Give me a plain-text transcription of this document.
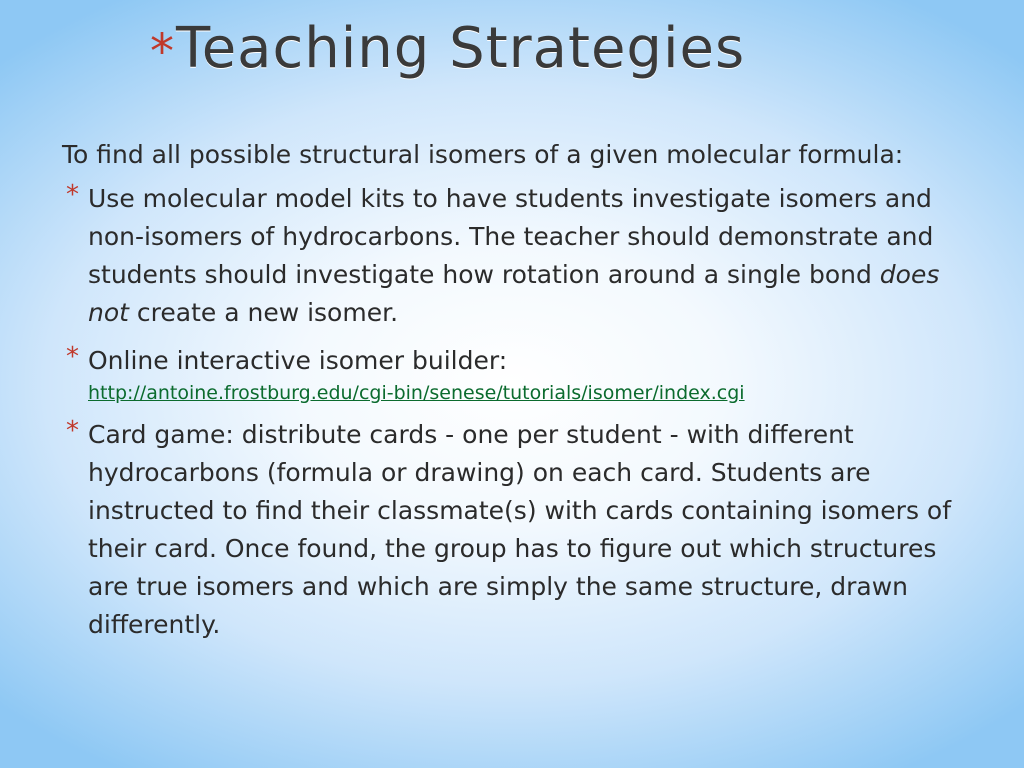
* Teaching Strategies

To find all possible structural isomers of a given molecular formula:

* Use molecular model kits to have students investigate isomers and non-isomers of hydrocarbons. The teacher should demonstrate and students should investigate how rotation around a single bond does not create a new isomer.
* Online interactive isomer builder:
http://antoine.frostburg.edu/cgi-bin/senese/tutorials/isomer/index.cgi
* Card game: distribute cards - one per student - with different hydrocarbons (formula or drawing) on each card. Students are instructed to find their classmate(s) with cards containing isomers of their card. Once found, the group has to figure out which structures are true isomers and which are simply the same structure, drawn differently.
